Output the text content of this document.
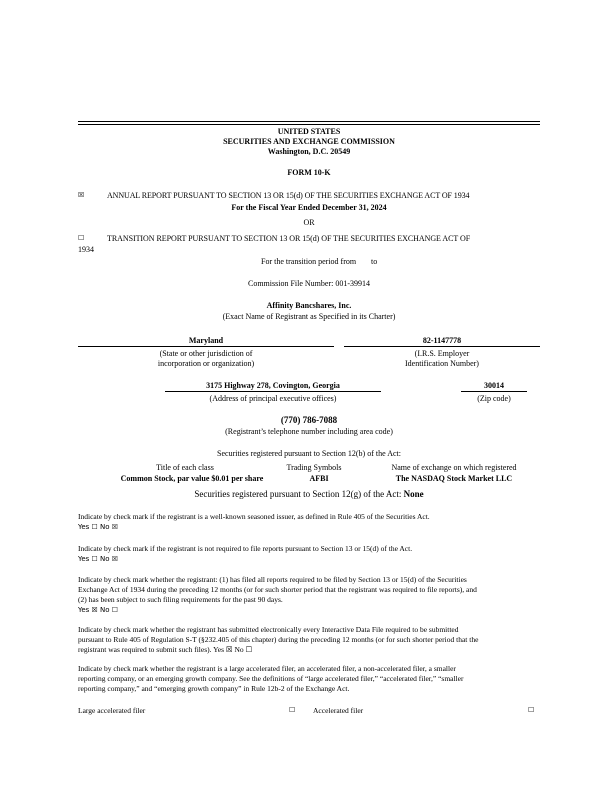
UNITED STATES
SECURITIES AND EXCHANGE COMMISSION
Washington, D.C. 20549
FORM 10-K
☒	ANNUAL REPORT PURSUANT TO SECTION 13 OR 15(d) OF THE SECURITIES EXCHANGE ACT OF 1934
For the Fiscal Year Ended December 31, 2024
OR
☐	TRANSITION REPORT PURSUANT TO SECTION 13 OR 15(d) OF THE SECURITIES EXCHANGE ACT OF
1934
For the transition period from to
Commission File Number: 001-39914
Affinity Bancshares, Inc.
(Exact Name of Registrant as Specified in its Charter)
Maryland
(State or other jurisdiction of
incorporation or organization)
82-1147778
(I.R.S. Employer
Identification Number)
3175 Highway 278, Covington, Georgia
(Address of principal executive offices)
30014
(Zip code)
(770) 786-7088
(Registrant’s telephone number including area code)
Securities registered pursuant to Section 12(b) of the Act:
Title of each class	Trading Symbols	Name of exchange on which registered
Common Stock, par value $0.01 per share	AFBI	The NASDAQ Stock Market LLC
Securities registered pursuant to Section 12(g) of the Act: None
Indicate by check mark if the registrant is a well-known seasoned issuer, as defined in Rule 405 of the Securities Act.
Yes ☐ No ☒
Indicate by check mark if the registrant is not required to file reports pursuant to Section 13 or 15(d) of the Act.
Yes ☐ No ☒
Indicate by check mark whether the registrant: (1) has filed all reports required to be filed by Section 13 or 15(d) of the Securities
Exchange Act of 1934 during the preceding 12 months (or for such shorter period that the registrant was required to file reports), and
(2) has been subject to such filing requirements for the past 90 days.
Yes ☒ No ☐
Indicate by check mark whether the registrant has submitted electronically every Interactive Data File required to be submitted
pursuant to Rule 405 of Regulation S-T (§232.405 of this chapter) during the preceding 12 months (or for such shorter period that the
registrant was required to submit such files). Yes ☒ No ☐
Indicate by check mark whether the registrant is a large accelerated filer, an accelerated filer, a non-accelerated filer, a smaller
reporting company, or an emerging growth company. See the definitions of “large accelerated filer,” “accelerated filer,” “smaller
reporting company,” and “emerging growth company” in Rule 12b-2 of the Exchange Act.
Large accelerated filer	☐ Accelerated filer	☐
